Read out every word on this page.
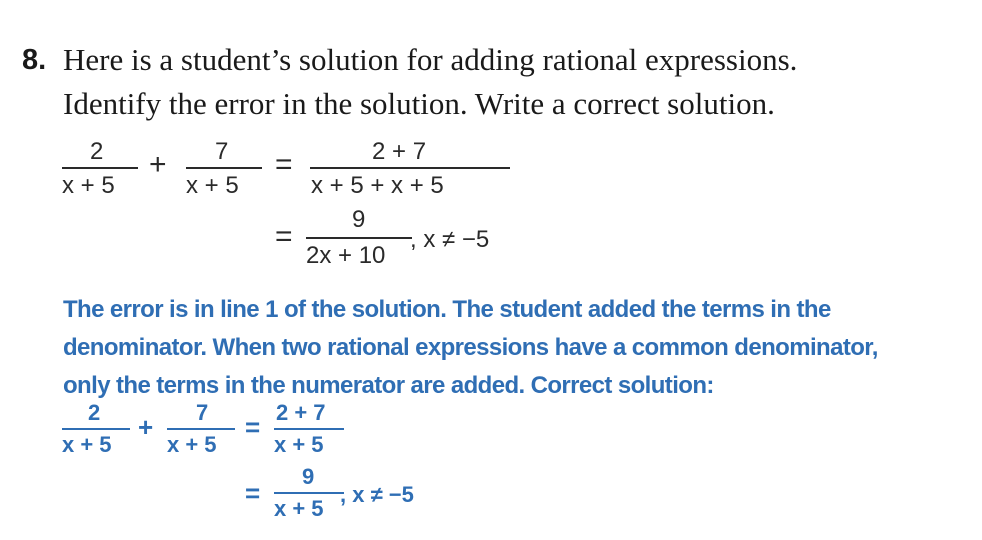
8. Here is a student’s solution for adding rational expressions.
Identify the error in the solution. Write a correct solution.
2
x + 5
+ 7
x + 5
=	2 + 7
x + 5 + x + 5
=
9
2x + 10
, x ≠ −5
The error is in line 1 of the solution. The student added the terms in the
denominator. When two rational expressions have a common denominator,
only the terms in the numerator are added. Correct solution:
2
x + 5
+ 7
x + 5
= 2 + 7
x + 5
=
9
x + 5
, x ≠ −5
